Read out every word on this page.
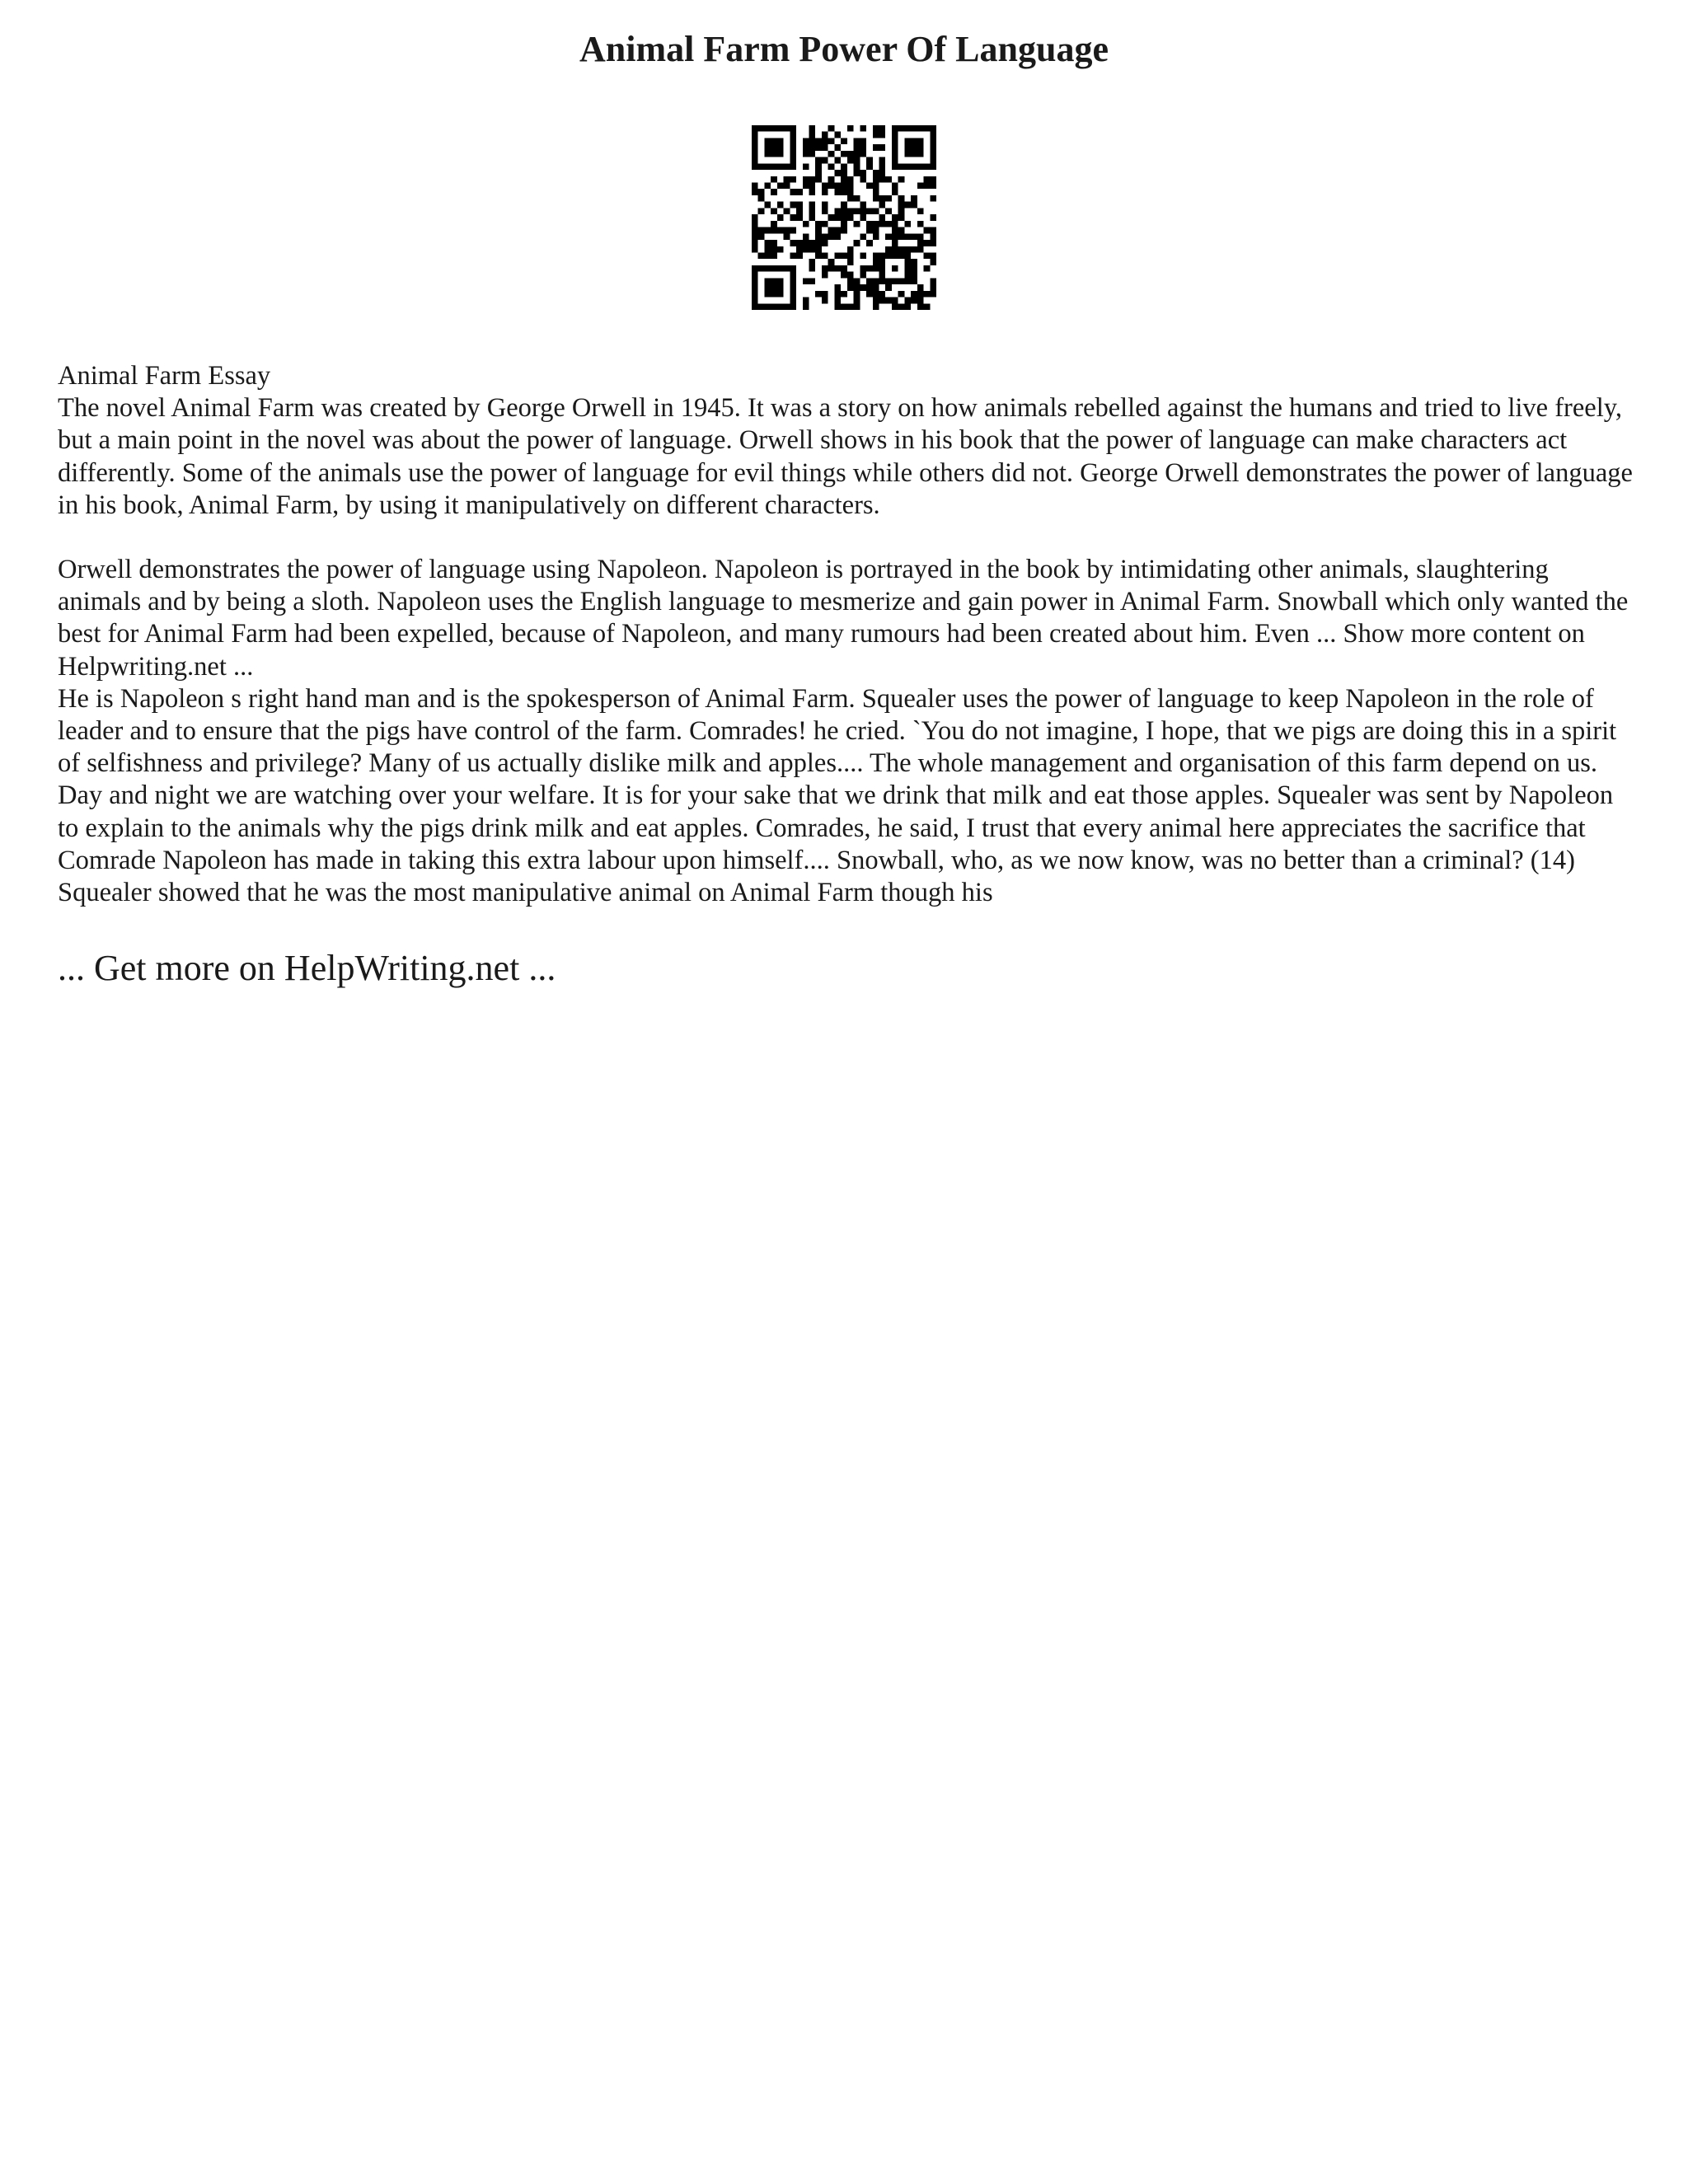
Animal Farm Power Of Language

Animal Farm Essay

The novel Animal Farm was created by George Orwell in 1945. It was a story on how animals rebelled against the humans and tried to live freely, but a main point in the novel was about the power of language. Orwell shows in his book that the power of language can make characters act differently. Some of the animals use the power of language for evil things while others did not. George Orwell demonstrates the power of language in his book, Animal Farm, by using it manipulatively on different characters.

Orwell demonstrates the power of language using Napoleon. Napoleon is portrayed in the book by intimidating other animals, slaughtering animals and by being a sloth. Napoleon uses the English language to mesmerize and gain power in Animal Farm. Snowball which only wanted the best for Animal Farm had been expelled, because of Napoleon, and many rumours had been created about him. Even ... Show more content on Helpwriting.net ...

He is Napoleon s right hand man and is the spokesperson of Animal Farm. Squealer uses the power of language to keep Napoleon in the role of leader and to ensure that the pigs have control of the farm. Comrades! he cried. `You do not imagine, I hope, that we pigs are doing this in a spirit of selfishness and privilege? Many of us actually dislike milk and apples.... The whole management and organisation of this farm depend on us. Day and night we are watching over your welfare. It is for your sake that we drink that milk and eat those apples. Squealer was sent by Napoleon to explain to the animals why the pigs drink milk and eat apples. Comrades, he said, I trust that every animal here appreciates the sacrifice that Comrade Napoleon has made in taking this extra labour upon himself.... Snowball, who, as we now know, was no better than a criminal? (14) Squealer showed that he was the most manipulative animal on Animal Farm though his

... Get more on HelpWriting.net ...
